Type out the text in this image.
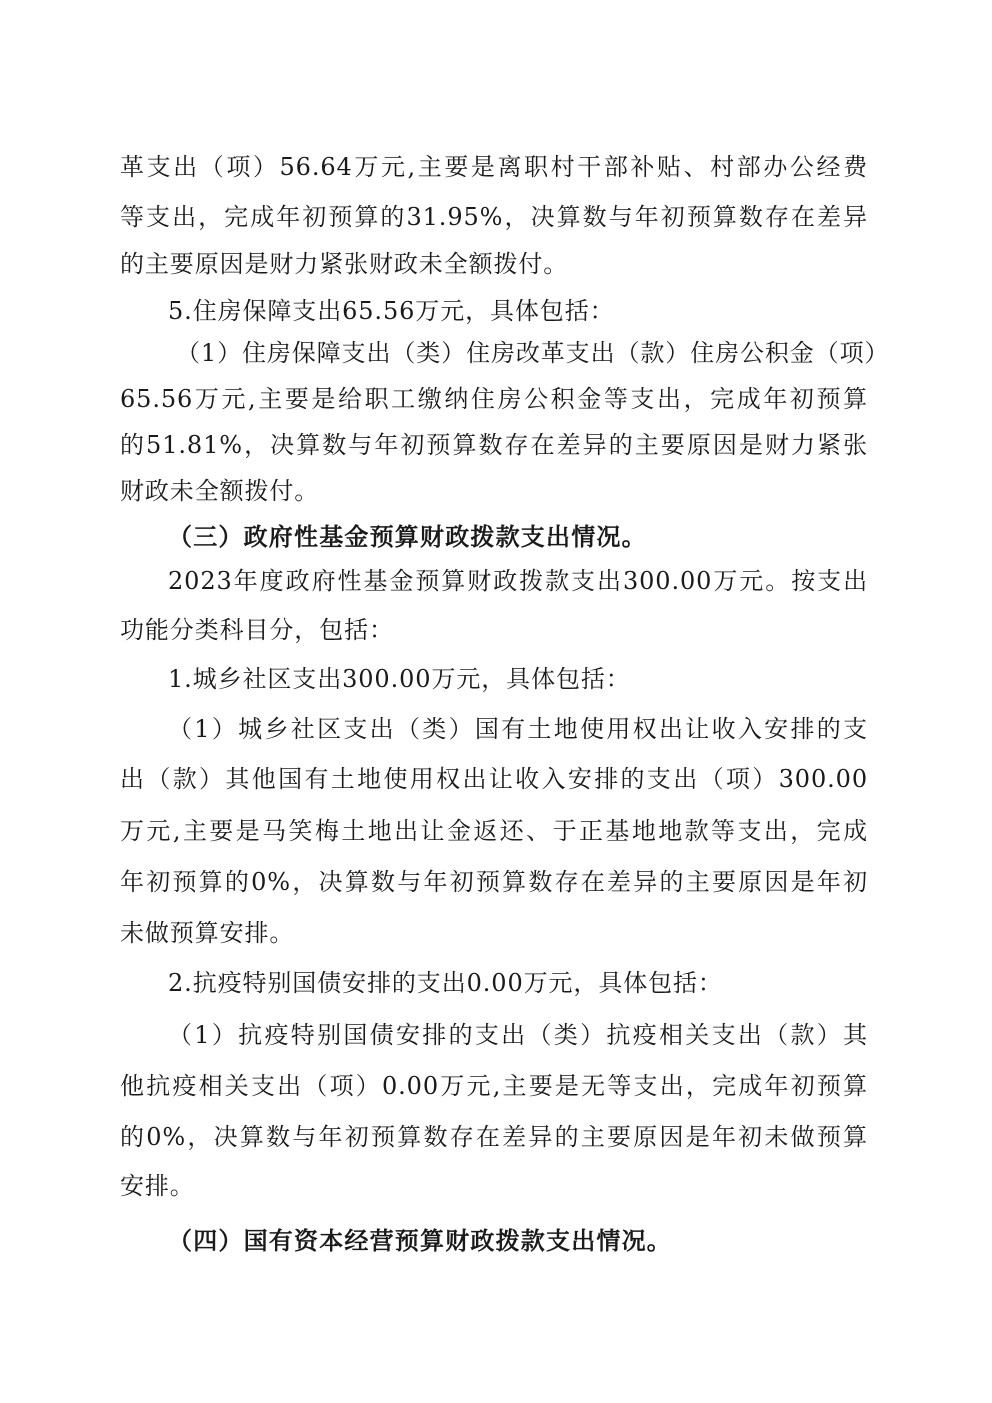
革支出（项）56.64万元,主要是离职村干部补贴、村部办公经费
等支出，完成年初预算的31.95%，决算数与年初预算数存在差异
的主要原因是财力紧张财政未全额拨付。
5.住房保障支出65.56万元，具体包括：
（1）住房保障支出（类）住房改革支出（款）住房公积金（项）
65.56万元,主要是给职工缴纳住房公积金等支出，完成年初预算
的51.81%，决算数与年初预算数存在差异的主要原因是财力紧张
财政未全额拨付。
（三）政府性基金预算财政拨款支出情况。
2023年度政府性基金预算财政拨款支出300.00万元。按支出
功能分类科目分，包括：
1.城乡社区支出300.00万元，具体包括：
（1）城乡社区支出（类）国有土地使用权出让收入安排的支
出（款）其他国有土地使用权出让收入安排的支出（项）300.00
万元,主要是马笑梅土地出让金返还、于正基地地款等支出，完成
年初预算的0%，决算数与年初预算数存在差异的主要原因是年初
未做预算安排。
2.抗疫特别国债安排的支出0.00万元，具体包括：
（1）抗疫特别国债安排的支出（类）抗疫相关支出（款）其
他抗疫相关支出（项）0.00万元,主要是无等支出，完成年初预算
的0%，决算数与年初预算数存在差异的主要原因是年初未做预算
安排。
（四）国有资本经营预算财政拨款支出情况。
